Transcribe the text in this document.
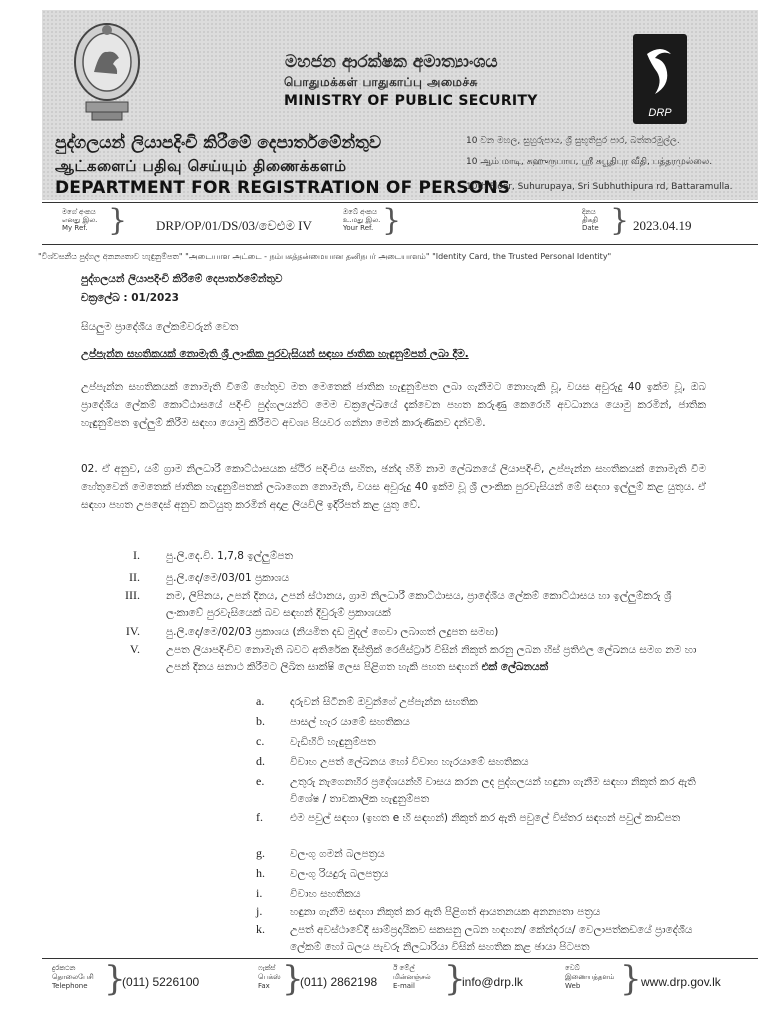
DRP
මහජන ආරක්ෂක අමාත්‍යාංශය
பொதுமக்கள் பாதுகாப்பு அமைச்சு
MINISTRY OF PUBLIC SECURITY
පුද්ගලයන් ලියාපදිංචි කිරීමේ දෙපාර්තමේන්තුව
ஆட்களைப் பதிவு செய்யும் திணைக்களம்
DEPARTMENT FOR REGISTRATION OF PERSONS
10 වන මහල, සුහුරුපාය, ශ්‍රී සුභූතිපුර පාර, බත්තරමුල්ල.
10 ஆம் மாடி, சுஹுருபாய, ஸ்ரீ சுபூதிபுர வீதி, பத்தரமுல்லை.
10th Floor, Suhurupaya, Sri Subhuthipura rd, Battaramulla.
මගේ අංකය
எனது இல.
My Ref. } DRP/OP/01/DS/03/වෙළුම IV
ඔබේ අංකය
உ.மது இல.
Your Ref. }	දිනය
திகதி
Date } 2023.04.19
"විශ්වසනීය පුද්ගල අනන්‍යතාව හැඳුනුම්පත" "அடையாள அட்டை - நம்பகத்தன்மையான தனிநபர் அடையாளம்" "Identity Card, the Trusted Personal Identity"
පුද්ගලයන් ලියාපදිංචි කිරීමේ දෙපාර්තමේන්තුව
චක්‍රලේඛ : 01/2023
සියලුම ප්‍රාදේශීය ලේකම්වරුන් වෙත
උප්පැන්න සහතිකයක් නොමැති ශ්‍රී ලාංකික පුරවැසියන් සඳහා ජාතික හැඳුනුම්පත් ලබා දීම.
උප්පැන්න සහතිකයක් නොමැති වීමේ හේතුව මත මෙතෙක් ජාතික හැඳුනුම්පත ලබා ගැනීමට නොහැකි වූ, වයස අවුරුදු 40 ඉක්ම වූ, ඔබ ප්‍රාදේශීය ලේකම් කොට්ඨාසයේ පදිංචි පුද්ගලයන්ට මෙම චක්‍රලේඛයේ දැක්වෙන පහත කරුණු කෙරෙහි අවධානය යොමු කරමින්, ජාතික හැඳුනුම්පත ඉල්ලුම් කිරීම සඳහා යොමු කිරීමට අවශ්‍ය පියවර ගන්නා මෙන් කාරුණිකව දන්වමි.
02. ඒ අනුව, යම් ග්‍රාම නිලධාරී කොට්ඨාසයක ස්ථිර පදිංචිය සහිත, ඡන්ද හිමි නාම ලේඛනයේ ලියාපදිංචි, උප්පැන්න සහතිකයක් නොමැති වීම හේතුවෙන් මෙතෙක් ජාතික හැඳුනුම්පතක් ලබාගෙන නොමැති, වයස අවුරුදු 40 ඉක්ම වූ ශ්‍රී ලාංකික පුරවැසියන් මේ සඳහා ඉල්ලුම් කළ යුතුය. ඒ සඳහා පහත උපදෙස් අනුව කටයුතු කරමින් අදාළ ලියවිලි ඉදිරිපත් කළ යුතු වේ.
I. පු.ලි.දෙ.වි. 1,7,8 ඉල්ලුම්පත
II. පු.ලි.දෙ/මෙ/03/01 ප්‍රකාශය
III. නම, ලිපිනය, උපන් දිනය, උපන් ස්ථානය, ග්‍රාම නිලධාරී කොට්ඨාසය, ප්‍රාදේශීය ලේකම් කොට්ඨාසය හා ඉල්ලුම්කරු ශ්‍රී ලංකාවේ පුරවැසියෙක් බව සඳහන් දිවුරුම් ප්‍රකාශයක්
IV. පු.ලි.දෙ/මෙ/02/03 ප්‍රකාශය (නියමිත දඩ මුදල් ගෙවා ලබාගත් ලදුපත සමඟ)
V. උපත ලියාපදිංචිව නොමැති බවට අතිරේක දිස්ත්‍රික් රෙජිස්ට්‍රාර් විසින් නිකුත් කරනු ලබන හිස් ප්‍රතිඵල ලේඛනය සමග නම හා උපන් දිනය සනාථ කිරීමට ලිඛිත සාක්ෂි ලෙස පිළිගත හැකි පහත සඳහන් එක් ලේඛනයක්
a. දරුවන් සිටීනම් ඔවුන්ගේ උප්පැන්න සහතික
b. පාසල් හැර යාමේ සහතිකය
c. වැඩිහිටි හැඳුනුම්පත
d. විවාහ උපත් ලේඛනය හෝ විවාහ හැරයාමේ සහතිකය
e. උතුරු නැගෙනහිර ප්‍රදේශයන්හි වාසය කරන ලද පුද්ගලයන් හඳුනා ගැනීම සඳහා නිකුත් කර ඇති විශේෂ / තාවකාලික හැඳුනුම්පත
f.	එම පවුල් සඳහා (ඉහත e හි සඳහන්) නිකුත් කර ඇති පවුලේ විස්තර සඳහන් පවුල් කාඩ්පත
g. වලංගු ගමන් බලපත්‍රය
h. වලංගු රියදුරු බලපත්‍රය
i.	විවාහ සහතිකය
j.	හඳුනා ගැනීම සඳහා නිකුත් කර ඇති පිළිගත් ආයතනයක අනන්‍යතා පත්‍රය
k. උපත් අවස්ථාවේදී සාම්ප්‍රදායිකව සකසනු ලබන හඳහන/ කේන්දරය/ වෙලාපත්කඩයේ ප්‍රාදේශීය ලේකම් හෝ බලය පැවරූ නිලධාරියා විසින් සහතික කළ ඡායා පිටපත
දුරකථන
தொலைபேசி
Telephone }
(011) 5226100
ෆැක්ස්
பெக்ஸ்
Fax }
(011) 2862198
ඊ මේල්
மின்னஞ்சல்
E-mail }
info@drp.lk
වෙබ්
இணையத்தளம்
Web	} www.drp.gov.lk
